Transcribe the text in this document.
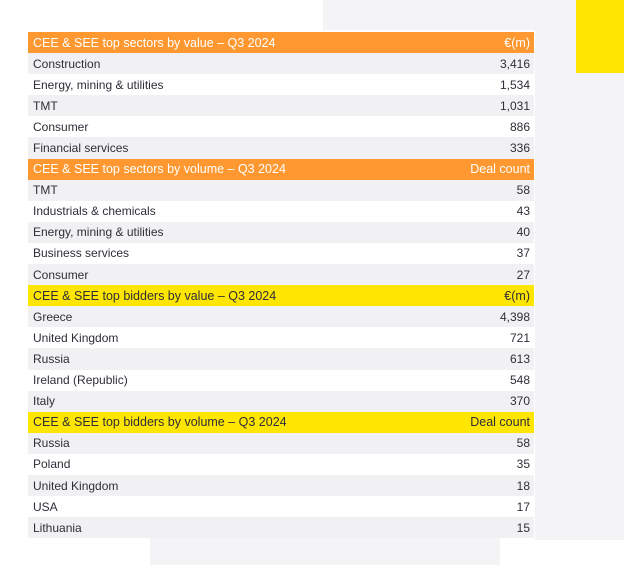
CEE & SEE top sectors by value – Q3 2024	€(m)
Construction	3,416
Energy, mining & utilities	1,534
TMT	1,031
Consumer	886
Financial services	336
CEE & SEE top sectors by volume – Q3 2024	Deal count
TMT	58
Industrials & chemicals	43
Energy, mining & utilities	40
Business services	37
Consumer	27
CEE & SEE top bidders by value – Q3 2024	€(m)
Greece	4,398
United Kingdom	721
Russia	613
Ireland (Republic)	548
Italy	370
CEE & SEE top bidders by volume – Q3 2024	Deal count
Russia	58
Poland	35
United Kingdom	18
USA	17
Lithuania	15
